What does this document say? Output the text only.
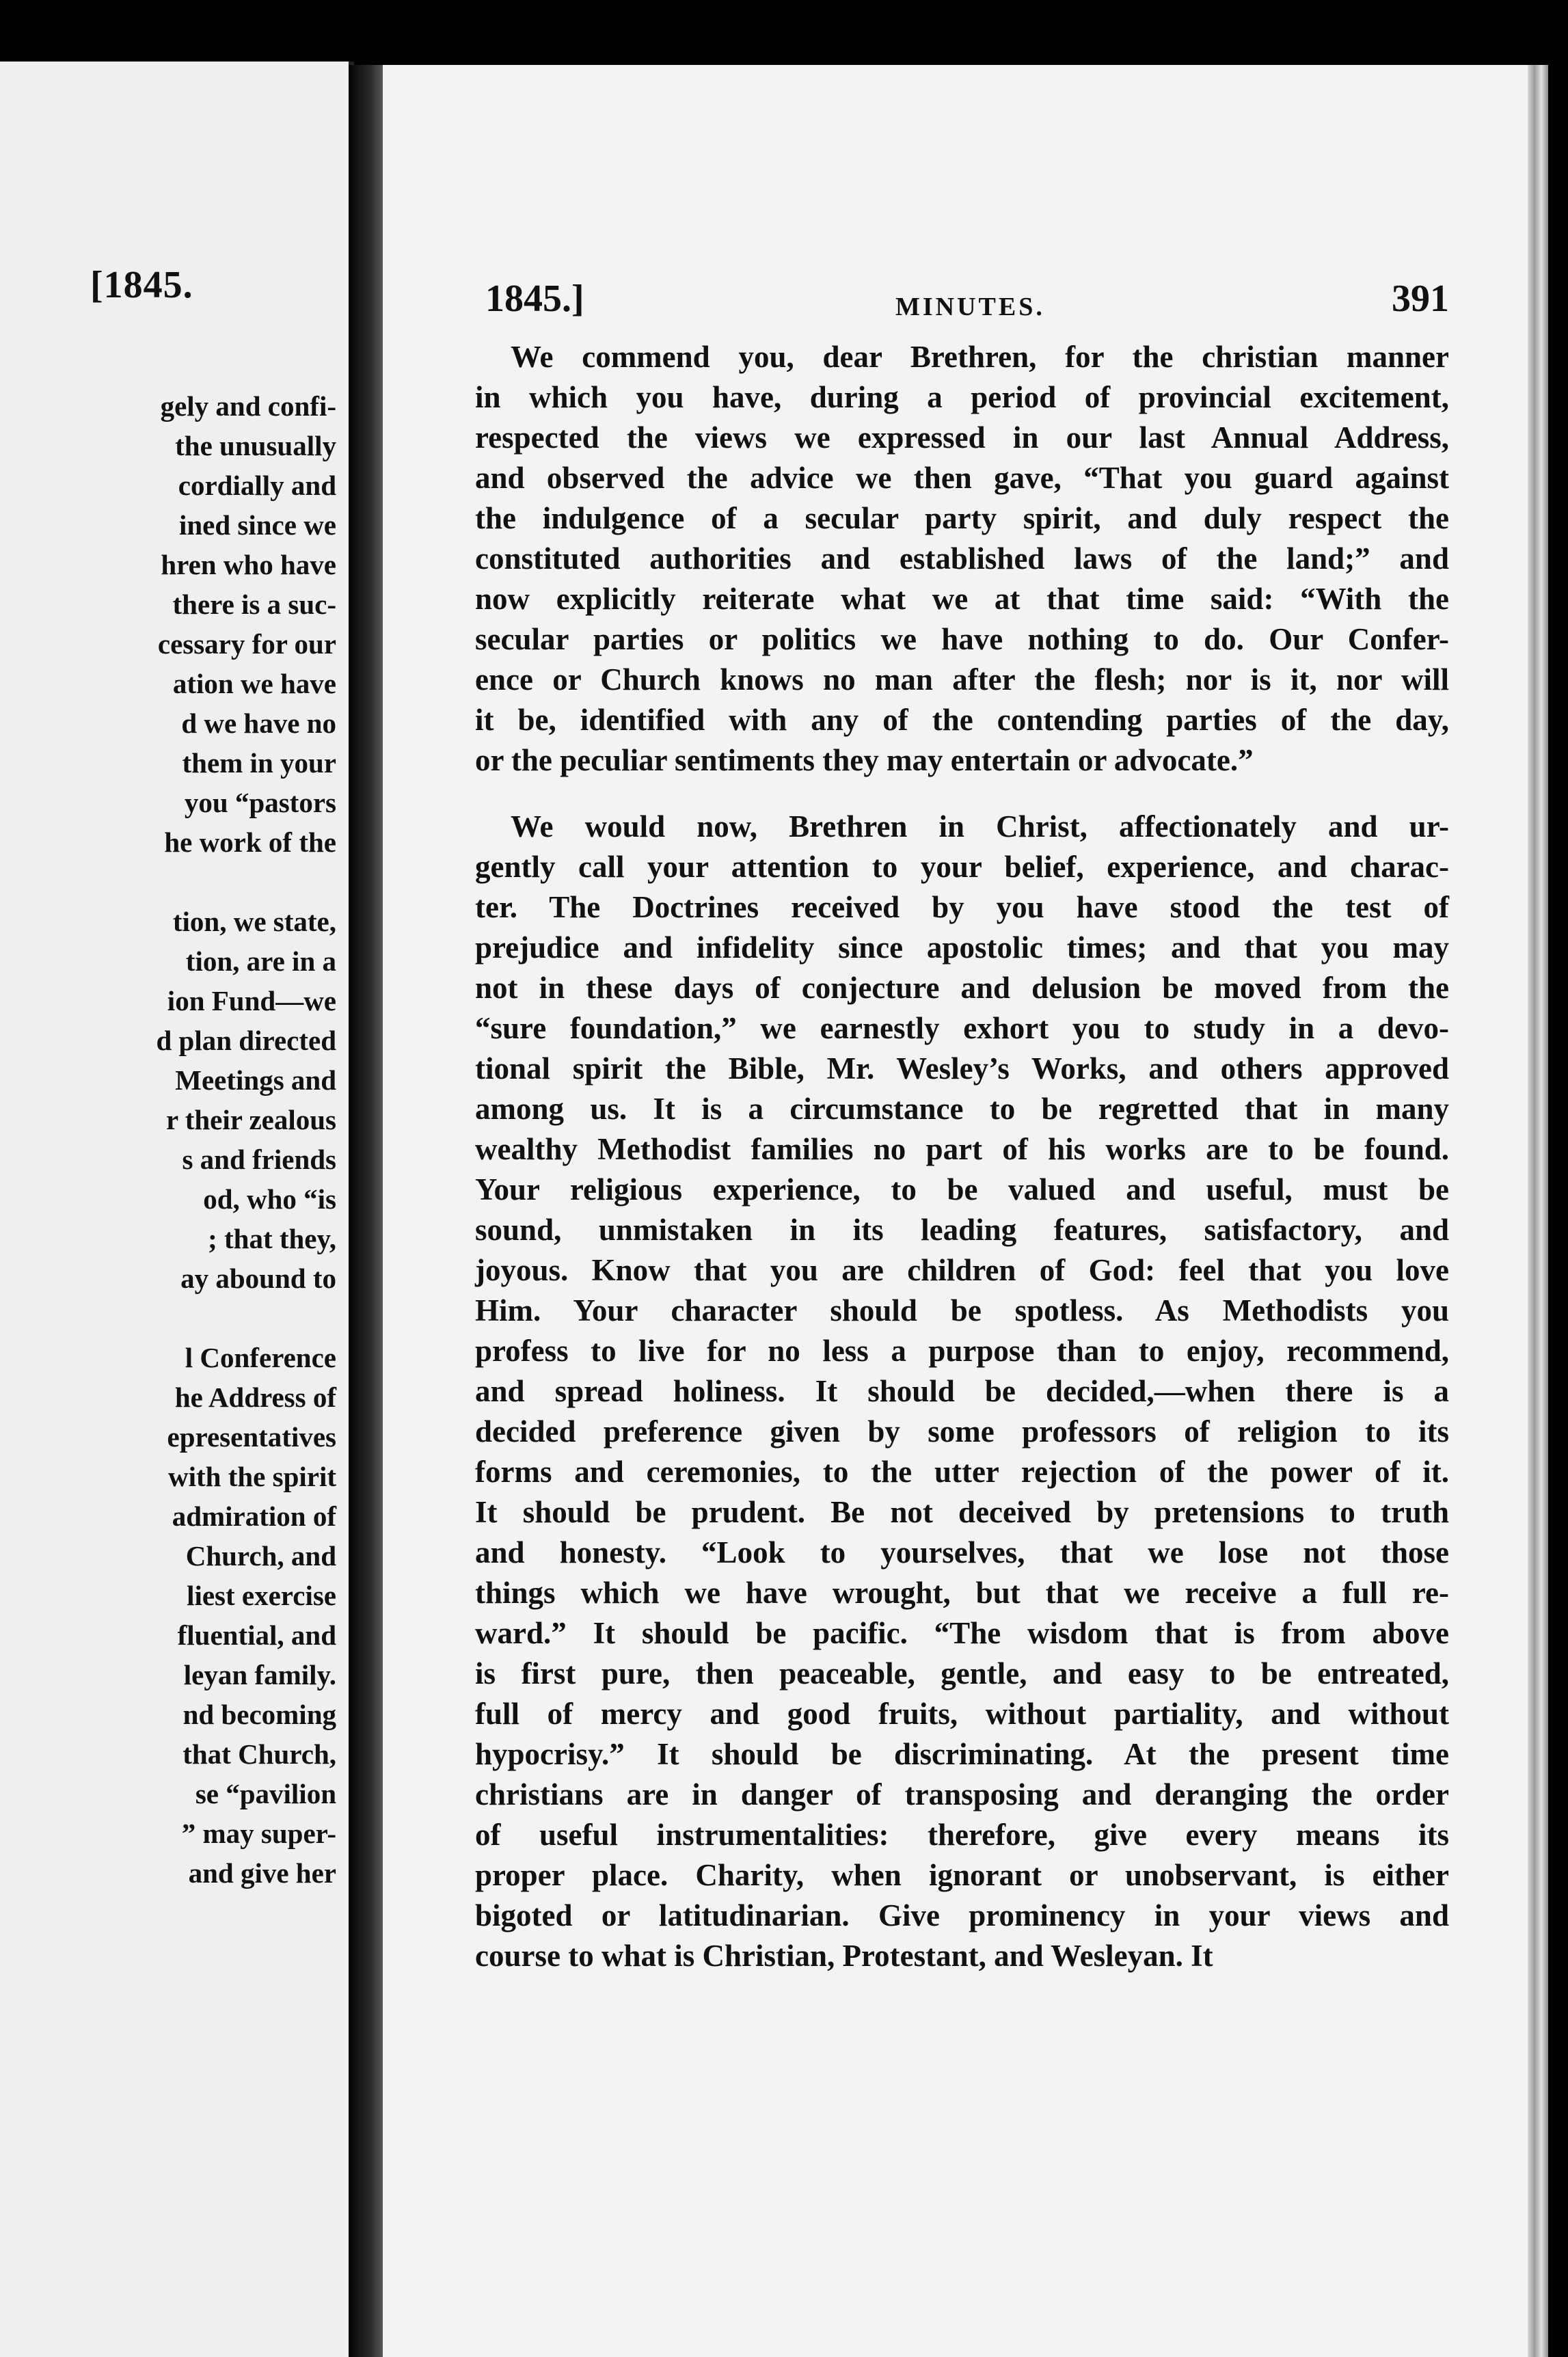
[1845.
gely and confi-
the unusually
cordially and
ined since we
hren who have
there is a suc-
cessary for our
ation we have
d we have no
them in your
you “pastors
he work of the
tion, we state,
tion, are in a
ion Fund—we
d plan directed
Meetings and
r their zealous
s and friends
od, who “is
; that they,
ay abound to
l Conference
he Address of
epresentatives
with the spirit
admiration of
Church, and
liest exercise
fluential, and
leyan family.
nd becoming
that Church,
se “pavilion
” may super-
and give her
1845.]	MINUTES.	391
We commend you, dear Brethren, for the christian manner
in which you have, during a period of provincial excitement,
respected the views we expressed in our last Annual Address,
and observed the advice we then gave, “That you guard against
the indulgence of a secular party spirit, and duly respect the
constituted authorities and established laws of the land;” and
now explicitly reiterate what we at that time said: “With the
secular parties or politics we have nothing to do. Our Confer-
ence or Church knows no man after the flesh; nor is it, nor will
it be, identified with any of the contending parties of the day,
or the peculiar sentiments they may entertain or advocate.”
We would now, Brethren in Christ, affectionately and ur-
gently call your attention to your belief, experience, and charac-
ter. The Doctrines received by you have stood the test of
prejudice and infidelity since apostolic times; and that you may
not in these days of conjecture and delusion be moved from the
“sure foundation,” we earnestly exhort you to study in a devo-
tional spirit the Bible, Mr. Wesley’s Works, and others approved
among us. It is a circumstance to be regretted that in many
wealthy Methodist families no part of his works are to be found.
Your religious experience, to be valued and useful, must be
sound, unmistaken in its leading features, satisfactory, and
joyous. Know that you are children of God: feel that you love
Him. Your character should be spotless. As Methodists you
profess to live for no less a purpose than to enjoy, recommend,
and spread holiness. It should be decided,—when there is a
decided preference given by some professors of religion to its
forms and ceremonies, to the utter rejection of the power of it.
It should be prudent. Be not deceived by pretensions to truth
and honesty. “Look to yourselves, that we lose not those
things which we have wrought, but that we receive a full re-
ward.” It should be pacific. “The wisdom that is from above
is first pure, then peaceable, gentle, and easy to be entreated,
full of mercy and good fruits, without partiality, and without
hypocrisy.” It should be discriminating. At the present time
christians are in danger of transposing and deranging the order
of useful instrumentalities: therefore, give every means its
proper place. Charity, when ignorant or unobservant, is either
bigoted or latitudinarian. Give prominency in your views and
course to what is Christian, Protestant, and Wesleyan. It
